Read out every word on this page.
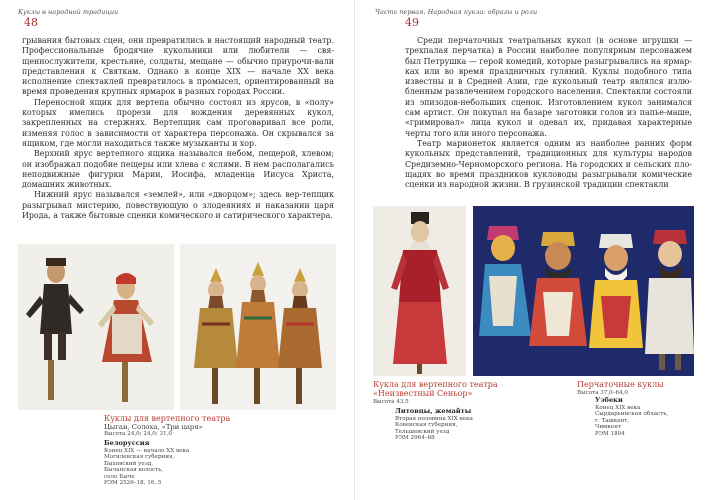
Куклы в народной традиции
48

грывания бытовых сцен, они превратились в настоящий народный театр. Профессиональные бродячие кукольники или любители — свя-щеннослужители, крестьяне, солдаты, мещане — обычно приурочи-вали представления к Святкам. Однако в конце XIX — начале XX века исполнение спектаклей превратилось в промысел, ориентированный на время проведения крупных ярмарок в разных городах России.

Переносной ящик для вертепа обычно состоял из ярусов, в «полу» которых имелись прорези для вождения деревянных кукол, закрепленных на стержнях. Вертепщик сам проговаривал все роли, изменяя голос в зависимости от характера персонажа. Он скрывался за ящиком, где могли находиться также музыканты и хор.

Верхний ярус вертепного ящика назывался небом, пещерой, хлевом; он изображал подобие пещеры или хлева с яслями. В нем располагались неподвижные фигурки Марии, Иосифа, младенца Иисуса Христа, домашних животных.

Нижний ярус назывался «землей», или «дворцом»; здесь вер-тепщик разыгрывал мистерию, повествующую о злодеяниях и наказании царя Ирода, а также бытовые сценки комического и сатирического характера.

Куклы для вертепного театра
Цыган, Солоха, «Три царя»
Высота 24,0; 24,0; 31,0
Белоруссия
Конец XIX — начало XX века
Могилевская губерния,
Быховский уезд,
Бычанская волость,
село Быче
РЭМ 2526–18, 16, 5
Часть первая. Народная кукла: образы и роли
49

Среди перчаточных театральных кукол (в основе игрушки — трехпалая перчатка) в России наиболее популярным персонажем был Петрушка — герой комедий, которые разыгрывались на ярмар-ках или во время праздничных гуляний. Куклы подобного типа известны и в Средней Азии, где кукольный театр являлся излю-бленным развлечением городского населения. Спектакли состояли из эпизодов-небольших сценок. Изготовлением кукол занимался сам артист. Он покупал на базаре заготовки голов из папье-маше, «гримировал» лица кукол и одевал их, придавая характерные черты того или иного персонажа.

Театр марионеток является одним из наиболее ранних форм кукольных представлений, традиционных для культуры народов Средиземно-Черноморского региона. На городских и сельских пло-щадях во время праздников кукловоды разыгрывали комические сценки из народной жизни. В грузинской традиции спектакли

Кукла для вертепного театра «Неизвестный Сеньор»
Высота 43,5
Литовцы, жемайты
Вторая половина XIX века
Ковенская губерния,
Тельшевский уезд
РЭМ 2964–68
Перчаточные куклы
Высота 37,0–64,0
Узбеки
Конец XIX века
Сырдарьинская область,
г. Ташкент,
Чимкент
РЭМ 1804
